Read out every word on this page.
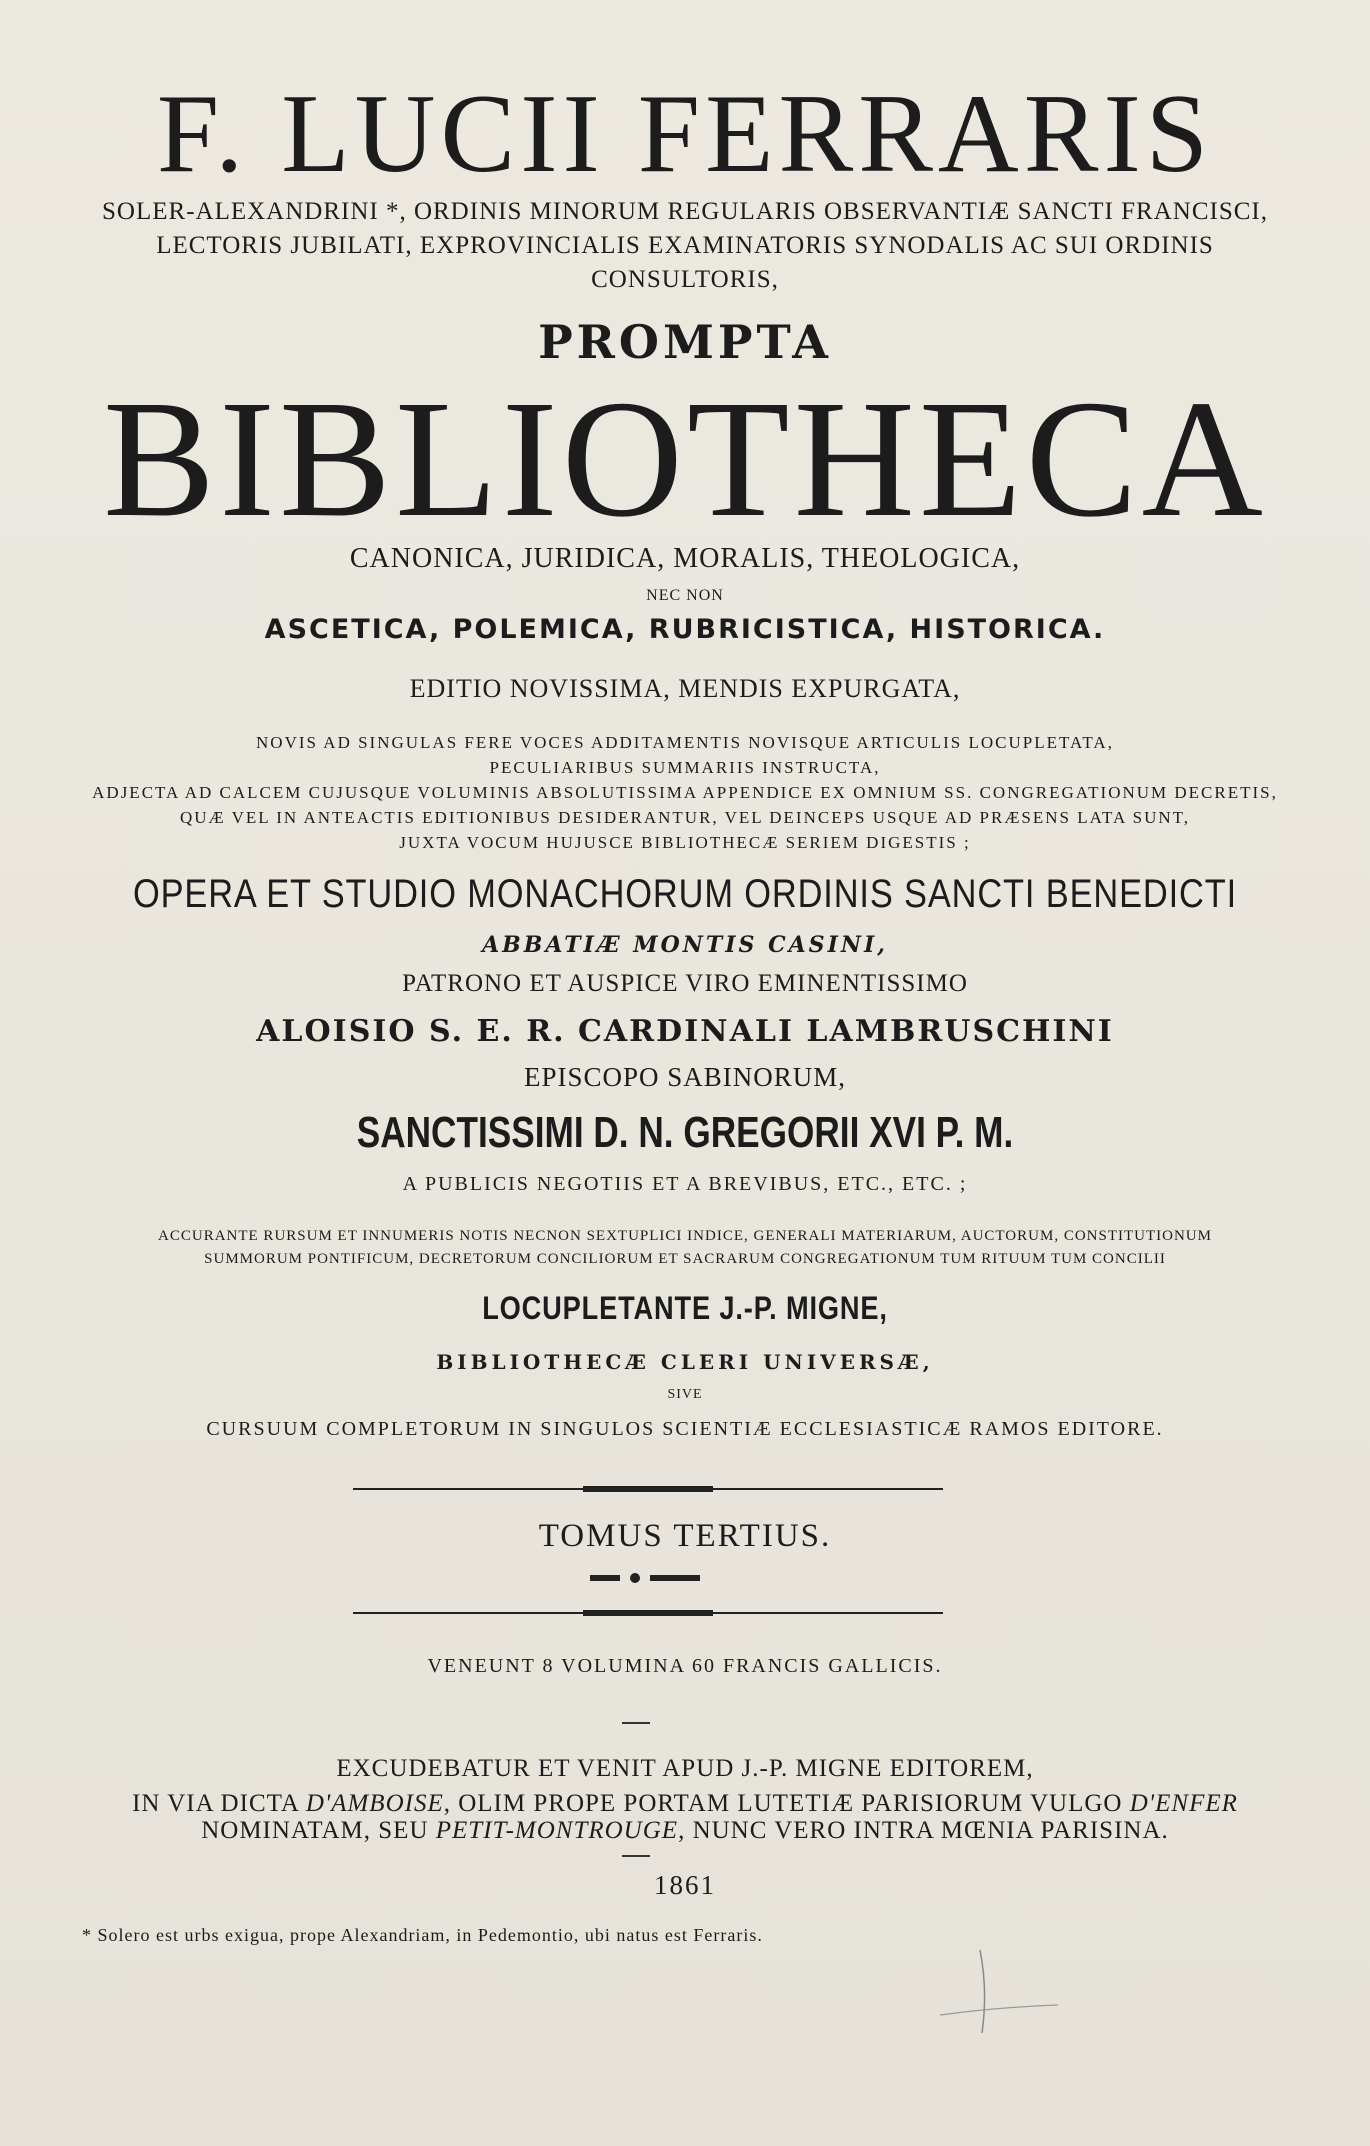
F. LUCII FERRARIS
SOLER-ALEXANDRINI *, ORDINIS MINORUM REGULARIS OBSERVANTIÆ SANCTI FRANCISCI,
LECTORIS JUBILATI, EXPROVINCIALIS EXAMINATORIS SYNODALIS AC SUI ORDINIS
CONSULTORIS,
PROMPTA
BIBLIOTHECA
CANONICA, JURIDICA, MORALIS, THEOLOGICA,
NEC NON
ASCETICA, POLEMICA, RUBRICISTICA, HISTORICA.
EDITIO NOVISSIMA, MENDIS EXPURGATA,
NOVIS AD SINGULAS FERE VOCES ADDITAMENTIS NOVISQUE ARTICULIS LOCUPLETATA,
PECULIARIBUS SUMMARIIS INSTRUCTA,
ADJECTA AD CALCEM CUJUSQUE VOLUMINIS ABSOLUTISSIMA APPENDICE EX OMNIUM SS. CONGREGATIONUM DECRETIS,
QUÆ VEL IN ANTEACTIS EDITIONIBUS DESIDERANTUR, VEL DEINCEPS USQUE AD PRÆSENS LATA SUNT,
JUXTA VOCUM HUJUSCE BIBLIOTHECÆ SERIEM DIGESTIS ;
OPERA ET STUDIO MONACHORUM ORDINIS SANCTI BENEDICTI
ABBATIÆ MONTIS CASINI,
PATRONO ET AUSPICE VIRO EMINENTISSIMO
ALOISIO S. E. R. CARDINALI LAMBRUSCHINI
EPISCOPO SABINORUM,
SANCTISSIMI D. N. GREGORII XVI P. M.
A PUBLICIS NEGOTIIS ET A BREVIBUS, ETC., ETC. ;
ACCURANTE RURSUM ET INNUMERIS NOTIS NECNON SEXTUPLICI INDICE, GENERALI MATERIARUM, AUCTORUM, CONSTITUTIONUM
SUMMORUM PONTIFICUM, DECRETORUM CONCILIORUM ET SACRARUM CONGREGATIONUM TUM RITUUM TUM CONCILII
LOCUPLETANTE J.-P. MIGNE,
BIBLIOTHECÆ CLERI UNIVERSÆ,
SIVE
CURSUUM COMPLETORUM IN SINGULOS SCIENTIÆ ECCLESIASTICÆ RAMOS EDITORE.
TOMUS TERTIUS.
VENEUNT 8 VOLUMINA 60 FRANCIS GALLICIS.
EXCUDEBATUR ET VENIT APUD J.-P. MIGNE EDITOREM,
IN VIA DICTA D'AMBOISE, OLIM PROPE PORTAM LUTETIÆ PARISIORUM VULGO D'ENFER
NOMINATAM, SEU PETIT-MONTROUGE, NUNC VERO INTRA MŒNIA PARISINA.
1861
* Solero est urbs exigua, prope Alexandriam, in Pedemontio, ubi natus est Ferraris.
